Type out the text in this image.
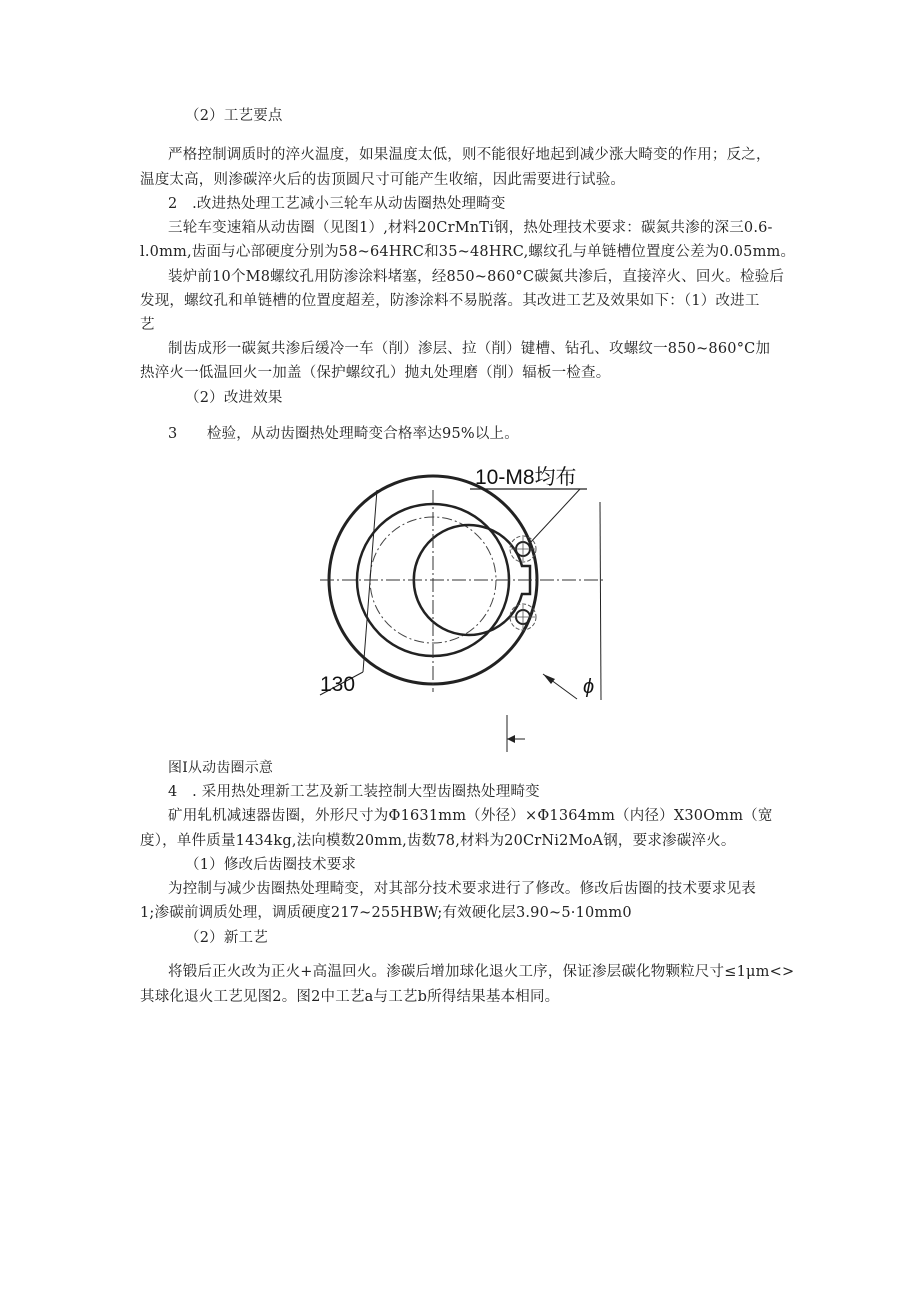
（2）工艺要点
严格控制调质时的淬火温度，如果温度太低，则不能很好地起到减少涨大畸变的作用；反之，
温度太高，则渗碳淬火后的齿顶圆尺寸可能产生收缩，因此需要进行试验。
2　.改进热处理工艺减小三轮车从动齿圈热处理畸变
三轮车变速箱从动齿圈（见图1）,材料20CrMnTi钢，热处理技术要求：碳氮共渗的深三0.6-
l.0mm,齿面与心部硬度分别为58~64HRC和35~48HRC,螺纹孔与单链槽位置度公差为0.05mm。
装炉前10个M8螺纹孔用防渗涂料堵塞，经850~860°C碳氮共渗后，直接淬火、回火。检验后
发现，螺纹孔和单链槽的位置度超差，防渗涂料不易脱落。其改进工艺及效果如下：（1）改进工
艺
制齿成形一碳氮共渗后缓冷一车（削）渗层、拉（削）键槽、钻孔、攻螺纹一850~860°C加
热淬火一低温回火一加盖（保护螺纹孔）抛丸处理磨（削）辐板一检查。
（2）改进效果
3　　检验，从动齿圈热处理畸变合格率达95%以上。
10-M8均布
130	ϕ
图I从动齿圈示意
4　. 采用热处理新工艺及新工装控制大型齿圈热处理畸变
矿用轧机减速器齿圈，外形尺寸为Φ1631mm（外径）×Φ1364mm（内径）X30Omm（宽
度），单件质量1434kg,法向模数20mm,齿数78,材料为20CrNi2MoA钢，要求渗碳淬火。
（1）修改后齿圈技术要求
为控制与减少齿圈热处理畸变，对其部分技术要求进行了修改。修改后齿圈的技术要求见表
1;渗碳前调质处理，调质硬度217~255HBW;有效硬化层3.90~5·10mm0
（2）新工艺
将锻后正火改为正火+高温回火。渗碳后增加球化退火工序，保证渗层碳化物颗粒尺寸≤1μm<>
其球化退火工艺见图2。图2中工艺a与工艺b所得结果基本相同。
